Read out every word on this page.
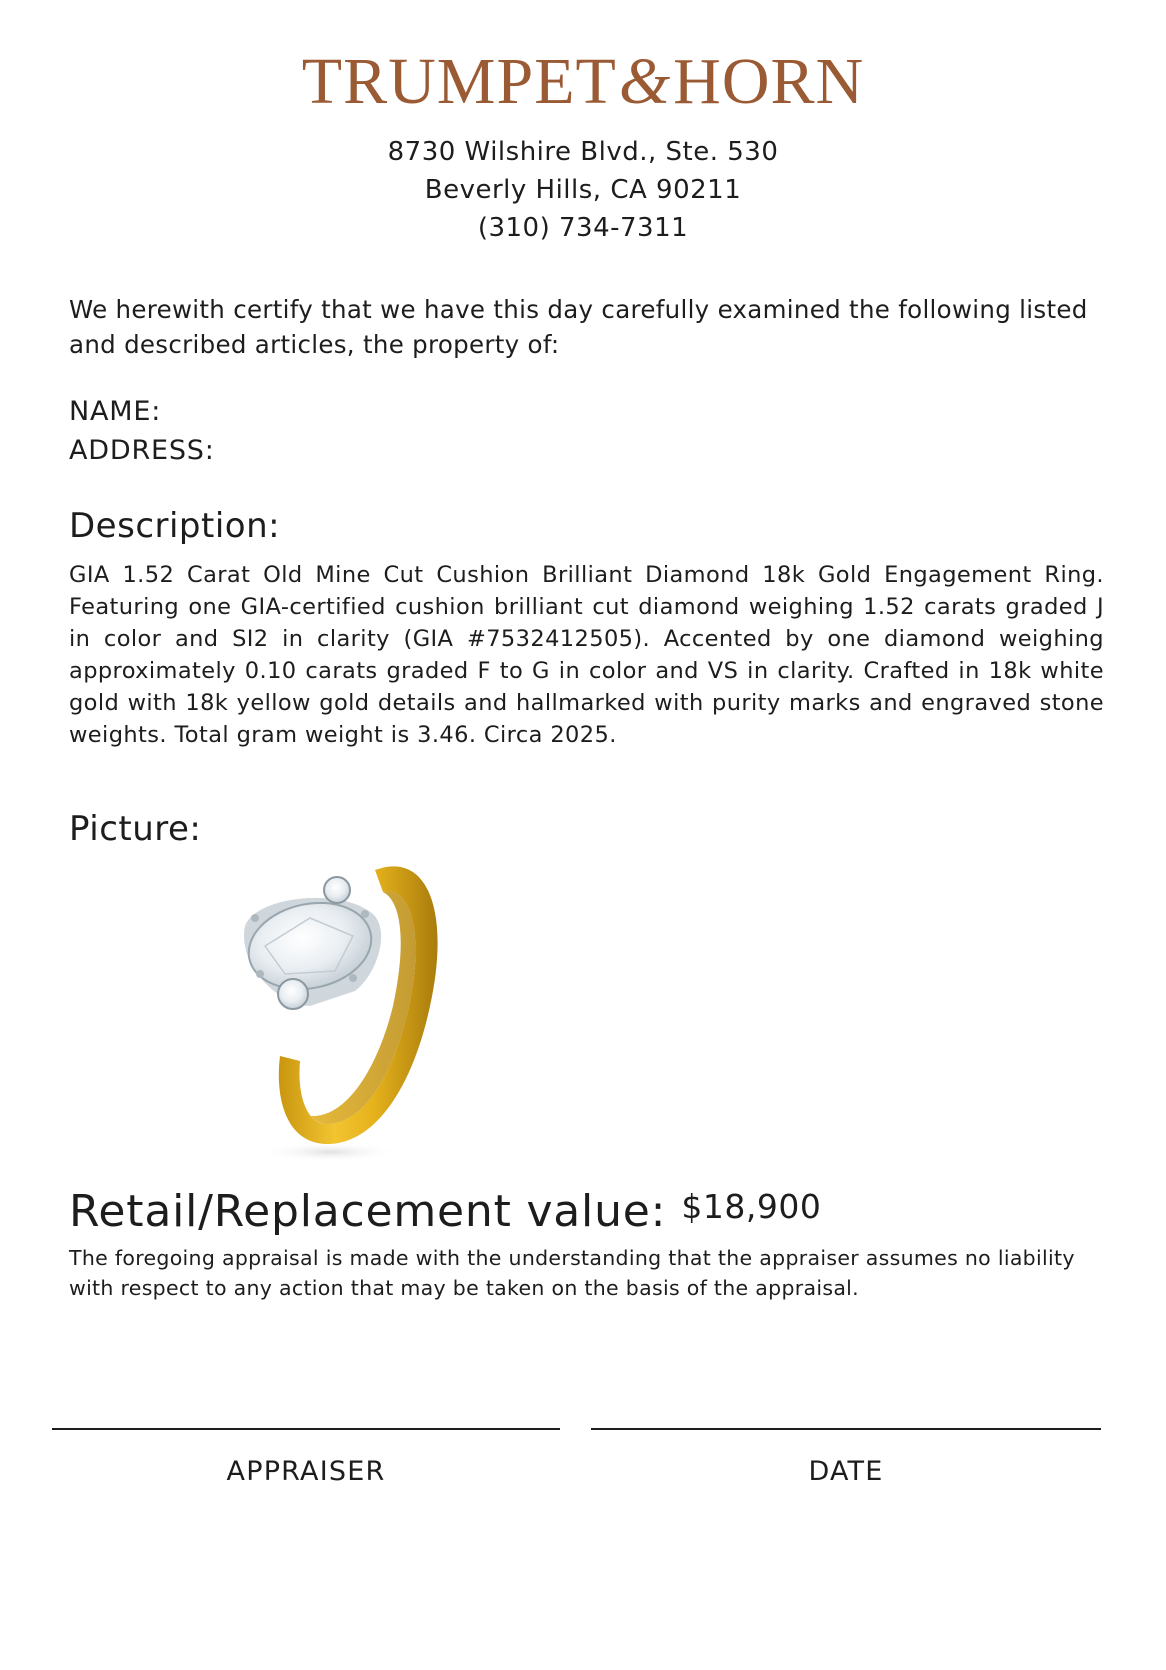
TRUMPET&HORN
8730 Wilshire Blvd., Ste. 530
Beverly Hills, CA 90211
(310) 734-7311
We herewith certify that we have this day carefully examined the following listed and described articles, the property of:
NAME:
ADDRESS:
Description:
GIA 1.52 Carat Old Mine Cut Cushion Brilliant Diamond 18k Gold Engagement Ring. Featuring one GIA-certified cushion brilliant cut diamond weighing 1.52 carats graded J in color and SI2 in clarity (GIA #7532412505). Accented by one diamond weighing approximately 0.10 carats graded F to G in color and VS in clarity. Crafted in 18k white gold with 18k yellow gold details and hallmarked with purity marks and engraved stone weights. Total gram weight is 3.46. Circa 2025.
Picture:
Retail/Replacement value: $18,900
The foregoing appraisal is made with the understanding that the appraiser assumes no liability with respect to any action that may be taken on the basis of the appraisal.
APPRAISER	DATE
